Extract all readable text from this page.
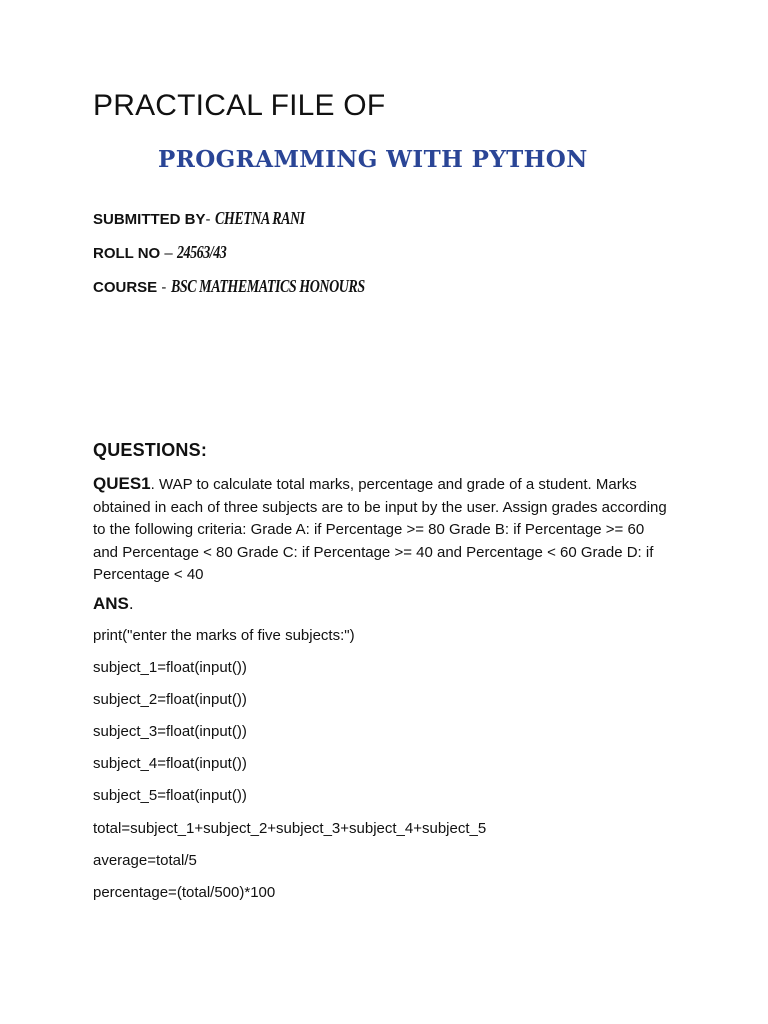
PRACTICAL FILE OF
PROGRAMMING WITH PYTHON
SUBMITTED BY- CHETNA RANI
ROLL NO – 24563/43
COURSE - BSC MATHEMATICS HONOURS
QUESTIONS:
QUES1. WAP to calculate total marks, percentage and grade of a student. Marks obtained in each of three subjects are to be input by the user. Assign grades according to the following criteria: Grade A: if Percentage >= 80 Grade B: if Percentage >= 60 and Percentage < 80 Grade C: if Percentage >= 40 and Percentage < 60 Grade D: if Percentage < 40
ANS.
print("enter the marks of five subjects:")
subject_1=float(input())
subject_2=float(input())
subject_3=float(input())
subject_4=float(input())
subject_5=float(input())
total=subject_1+subject_2+subject_3+subject_4+subject_5
average=total/5
percentage=(total/500)*100
